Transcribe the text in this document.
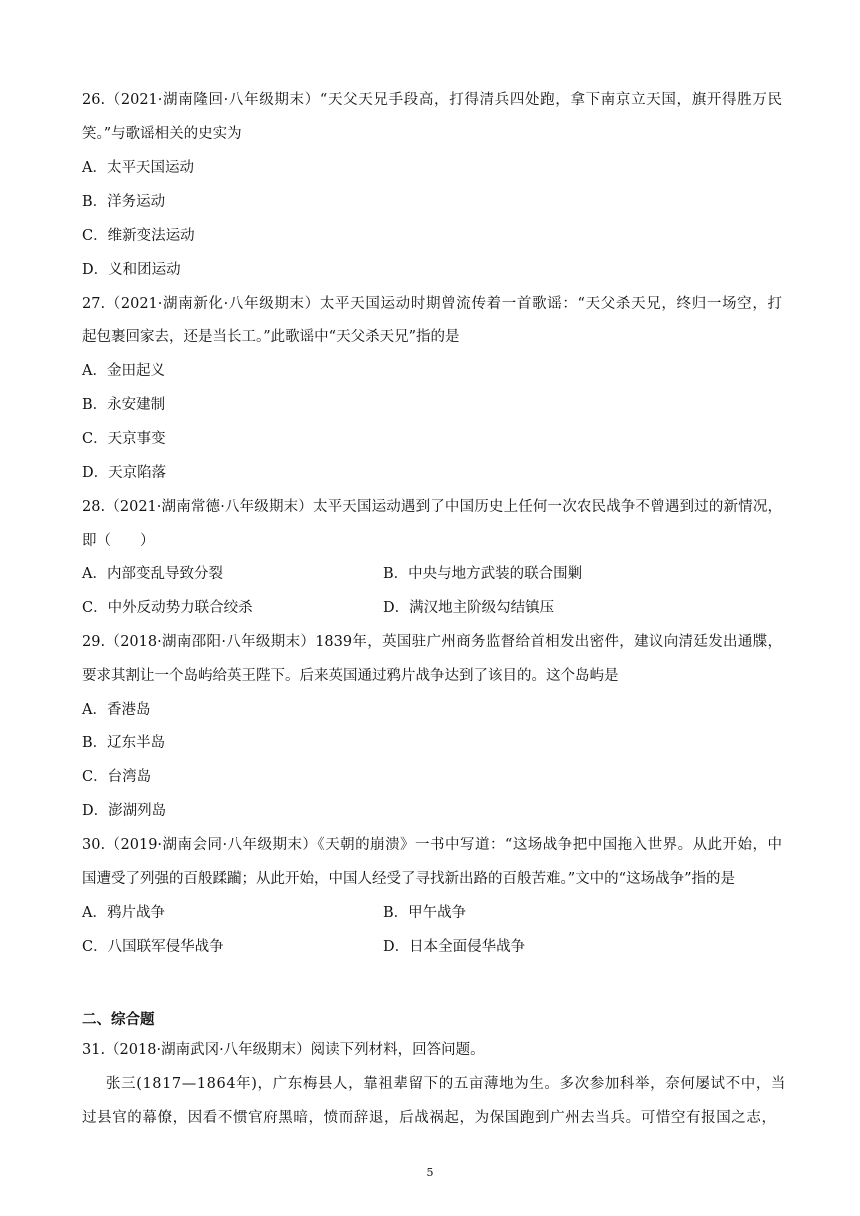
26.（2021·湖南隆回·八年级期末）“天父天兄手段高，打得清兵四处跑，拿下南京立天国，旗开得胜万民
笑。”与歌谣相关的史实为
A．太平天国运动
B．洋务运动
C．维新变法运动
D．义和团运动
27.（2021·湖南新化·八年级期末）太平天国运动时期曾流传着一首歌谣：“天父杀天兄，终归一场空，打
起包裹回家去，还是当长工。”此歌谣中“天父杀天兄”指的是
A．金田起义
B．永安建制
C．天京事变
D．天京陷落
28.（2021·湖南常德·八年级期末）太平天国运动遇到了中国历史上任何一次农民战争不曾遇到过的新情况，
即（　　）
A．内部变乱导致分裂	B．中央与地方武装的联合围剿
C．中外反动势力联合绞杀	D．满汉地主阶级勾结镇压
29.（2018·湖南邵阳·八年级期末）1839年，英国驻广州商务监督给首相发出密件，建议向清廷发出通牒，
要求其割让一个岛屿给英王陛下。后来英国通过鸦片战争达到了该目的。这个岛屿是
A．香港岛
B．辽东半岛
C．台湾岛
D．澎湖列岛
30.（2019·湖南会同·八年级期末）《天朝的崩溃》一书中写道：“这场战争把中国拖入世界。从此开始，中
国遭受了列强的百般蹂躏；从此开始，中国人经受了寻找新出路的百般苦难。”文中的“这场战争”指的是
A．鸦片战争	B．甲午战争
C．八国联军侵华战争	D．日本全面侵华战争
二、综合题
31.（2018·湖南武冈·八年级期末）阅读下列材料，回答问题。
张三(1817—1864年)，广东梅县人，靠祖辈留下的五亩薄地为生。多次参加科举，奈何屡试不中，当
过县官的幕僚，因看不惯官府黑暗，愤而辞退，后战祸起，为保国跑到广州去当兵。可惜空有报国之志，
5
